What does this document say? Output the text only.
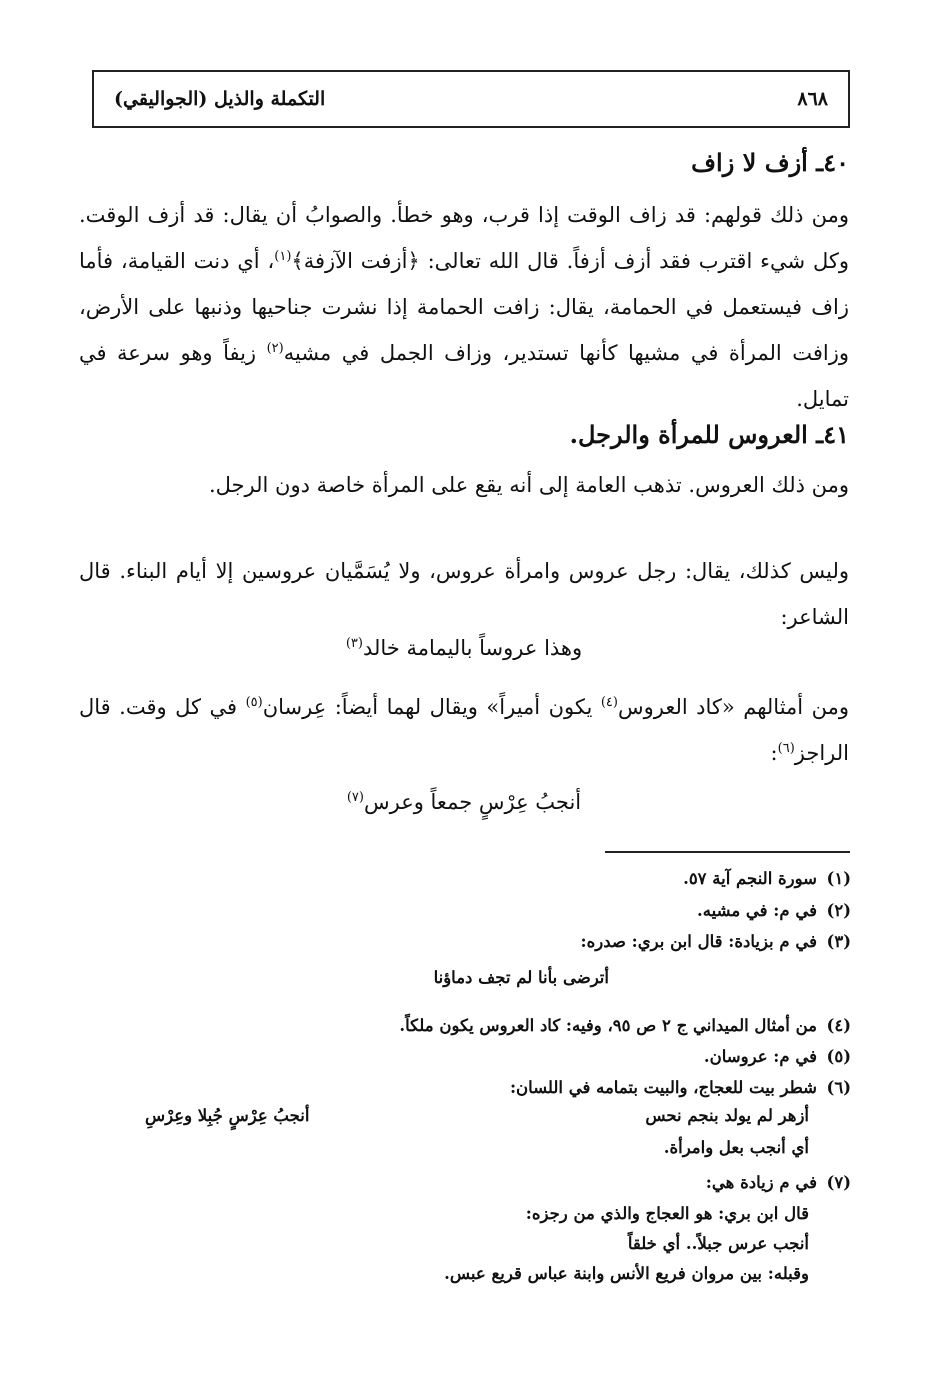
٨٦٨
التكملة والذيل (الجواليقي)
٤٠ـ أزف لا زاف
ومن ذلك قولهم: قد زاف الوقت إذا قرب، وهو خطأ. والصوابُ أن يقال: قد أزف الوقت. وكل شيء اقترب فقد أزف أزفاً. قال الله تعالى: ﴿أزفت الآزفة﴾$^{(١)}$، أي دنت القيامة، فأما زاف فيستعمل في الحمامة، يقال: زافت الحمامة إذا نشرت جناحيها وذنبها على الأرض، وزافت المرأة في مشيها كأنها تستدير، وزاف الجمل في مشيه$^{(٢)}$ زيفاً وهو سرعة في تمايل.
٤١ـ العروس للمرأة والرجل.
ومن ذلك العروس. تذهب العامة إلى أنه يقع على المرأة خاصة دون الرجل.
وليس كذلك، يقال: رجل عروس وامرأة عروس، ولا يُسَمَّيان عروسين إلا أيام البناء. قال الشاعر:
وهذا عروساً باليمامة خالد$^{(٣)}$
ومن أمثالهم «كاد العروس$^{(٤)}$ يكون أميراً» ويقال لهما أيضاً: عِرسان$^{(٥)}$ في كل وقت. قال الراجز$^{(٦)}$:
أنجبُ عِرْسٍ جمعاً وعرس$^{(٧)}$
(١)سورة النجم آية ٥٧.
(٢)في م: في مشيه.
(٣)في م بزيادة: قال ابن بري: صدره:
أترضى بأنا لم تجف دماؤنا
(٤)من أمثال الميداني ج ٢ ص ٩٥، وفيه: كاد العروس يكون ملكاً.
(٥)في م: عروسان.
(٦)شطر بيت للعجاج، والبيت بتمامه في اللسان:
أزهر لم يولد بنجم نحس
أنجبُ عِرْسٍ جُبِلا وعِرْسِ
أي أنجب بعل وامرأة.
(٧)في م زيادة هي:
قال ابن بري: هو العجاج والذي من رجزه:
أنجب عرس جبلاً.. أي خلقاً
وقبله: بين مروان فريع الأنس وابنة عباس قريع عبس.
